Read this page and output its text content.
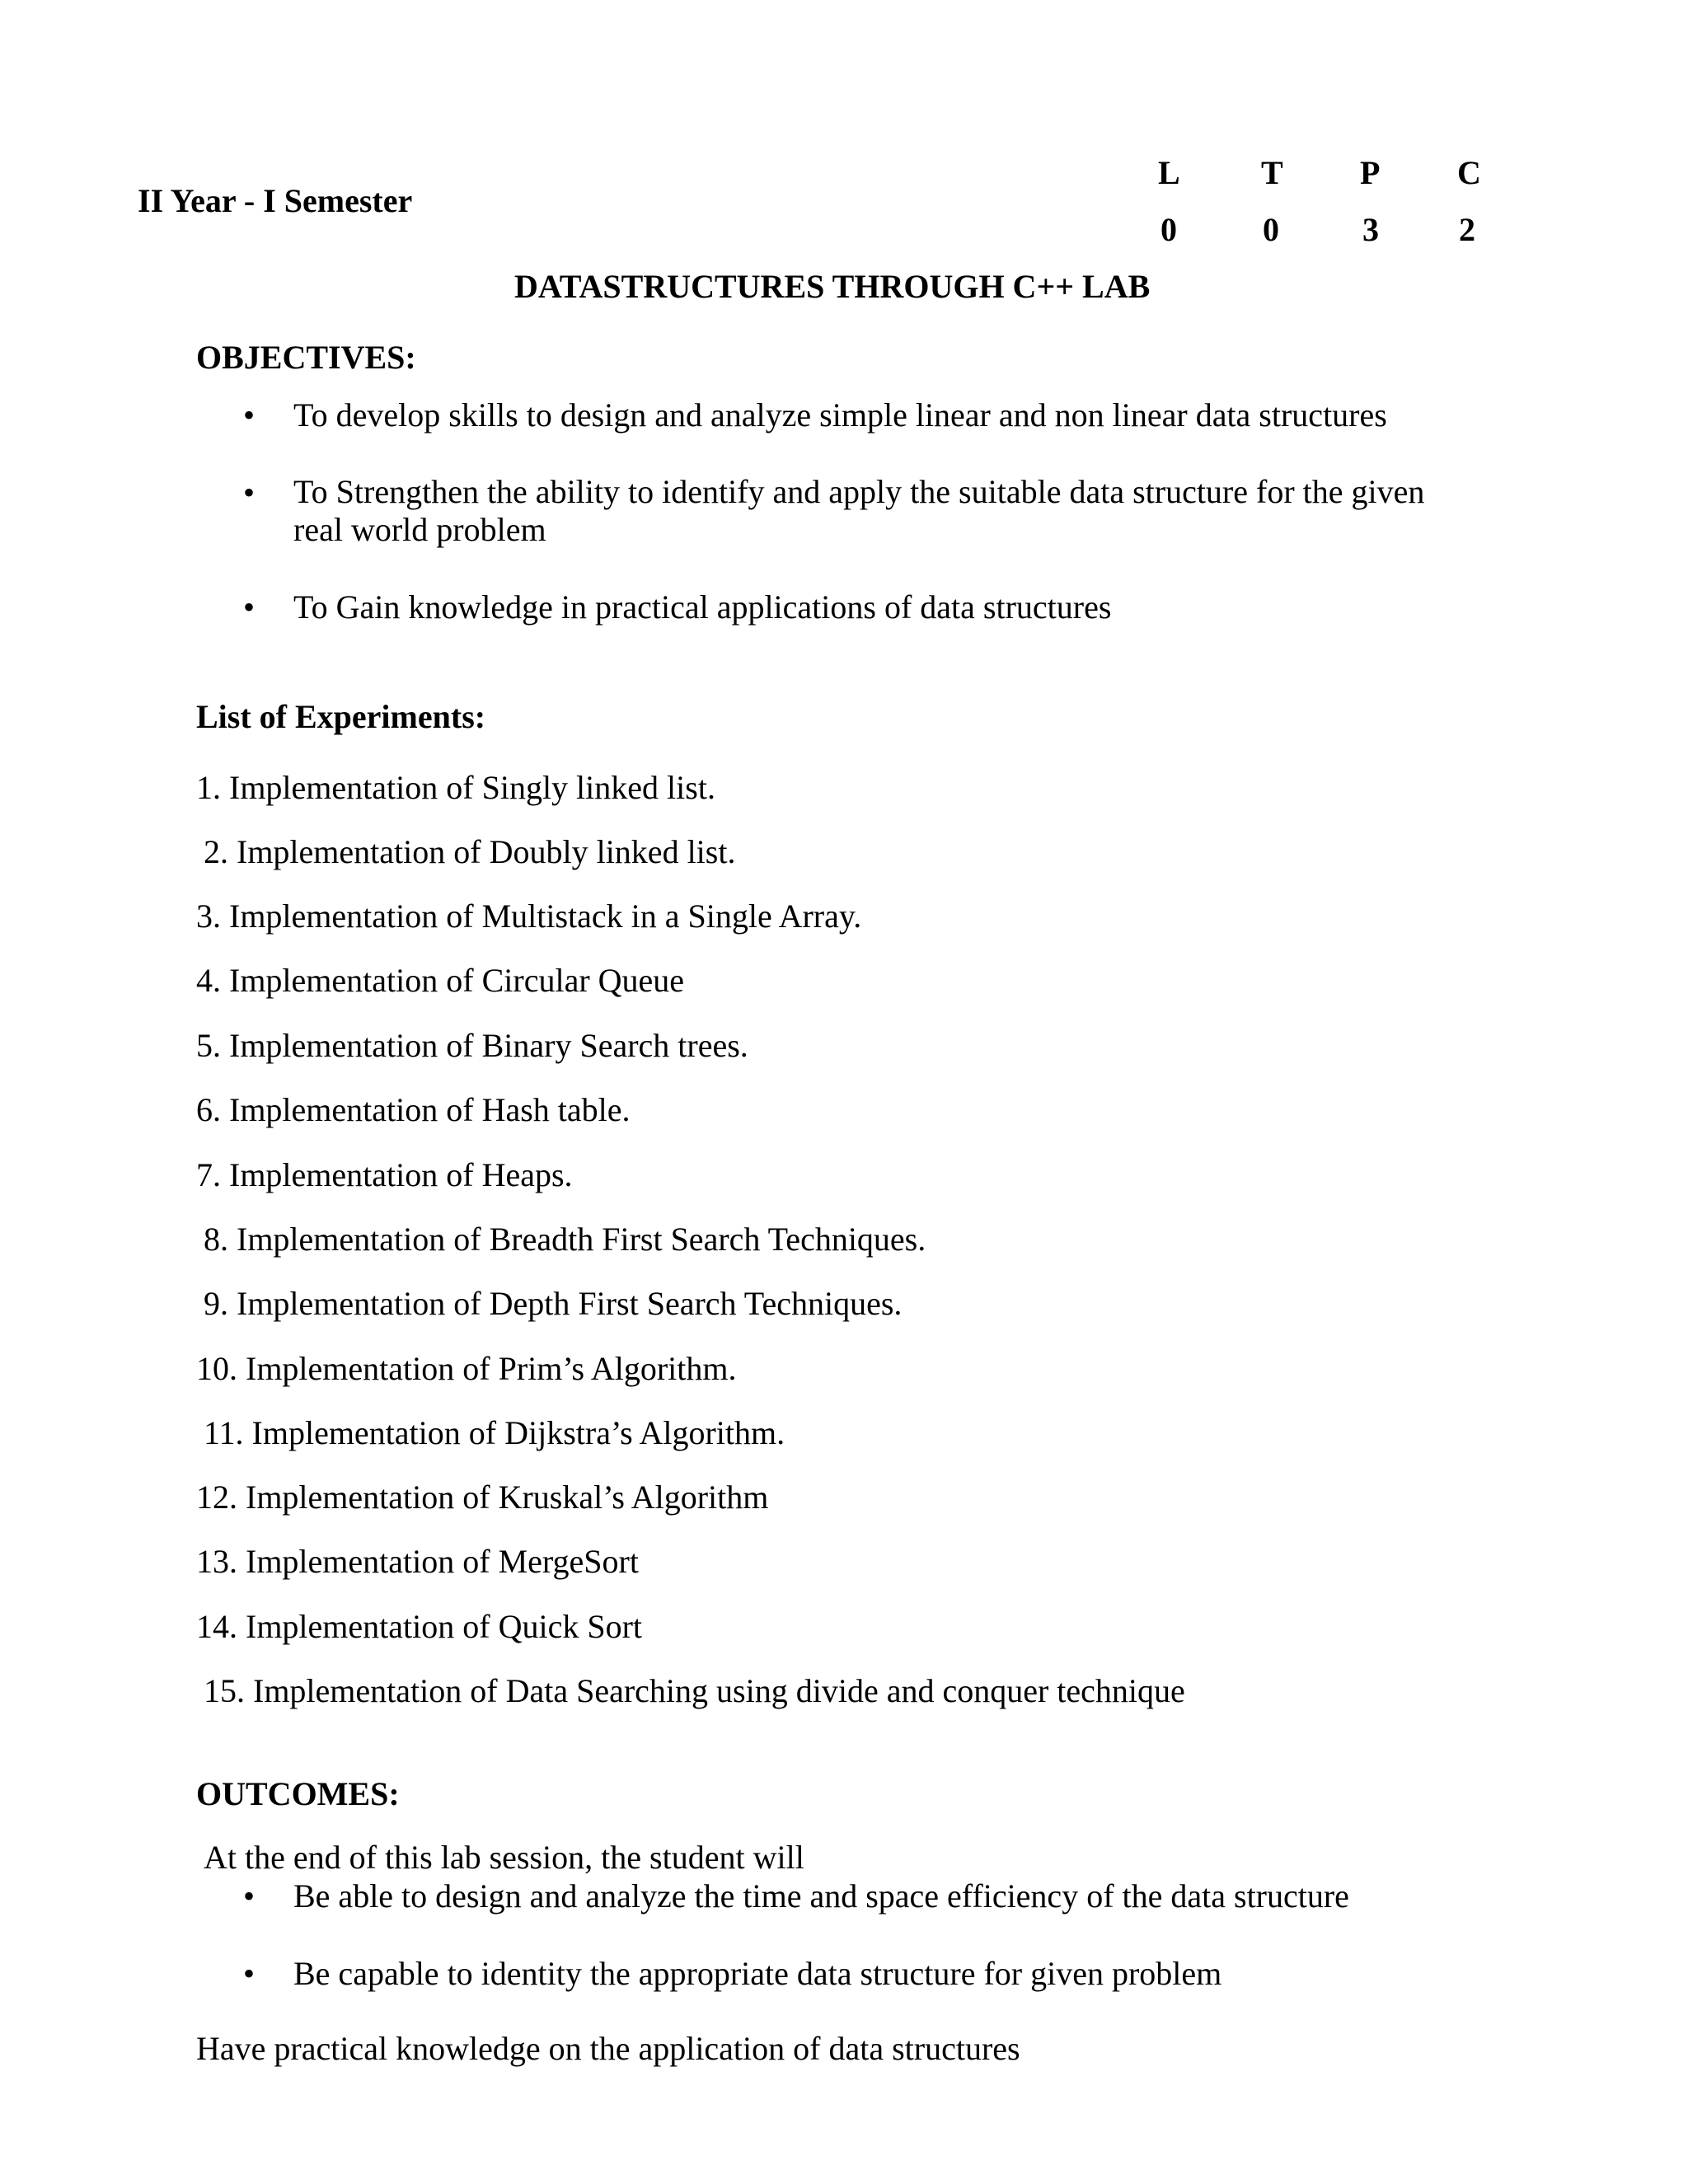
II Year - I Semester
L T P C
0	0	3 2
DATASTRUCTURES THROUGH C++ LAB
OBJECTIVES:
• To develop skills to design and analyze simple linear and non linear data structures
• To Strengthen the ability to identify and apply the suitable data structure for the given real world problem
• To Gain knowledge in practical applications of data structures
List of Experiments:
1. Implementation of Singly linked list.
2. Implementation of Doubly linked list.
3. Implementation of Multistack in a Single Array.
4. Implementation of Circular Queue
5. Implementation of Binary Search trees.
6. Implementation of Hash table.
7. Implementation of Heaps.
8. Implementation of Breadth First Search Techniques.
9. Implementation of Depth First Search Techniques.
10. Implementation of Prim’s Algorithm.
11. Implementation of Dijkstra’s Algorithm.
12. Implementation of Kruskal’s Algorithm
13. Implementation of MergeSort
14. Implementation of Quick Sort
15. Implementation of Data Searching using divide and conquer technique
OUTCOMES:
At the end of this lab session, the student will
• Be able to design and analyze the time and space efficiency of the data structure
• Be capable to identity the appropriate data structure for given problem
Have practical knowledge on the application of data structures
